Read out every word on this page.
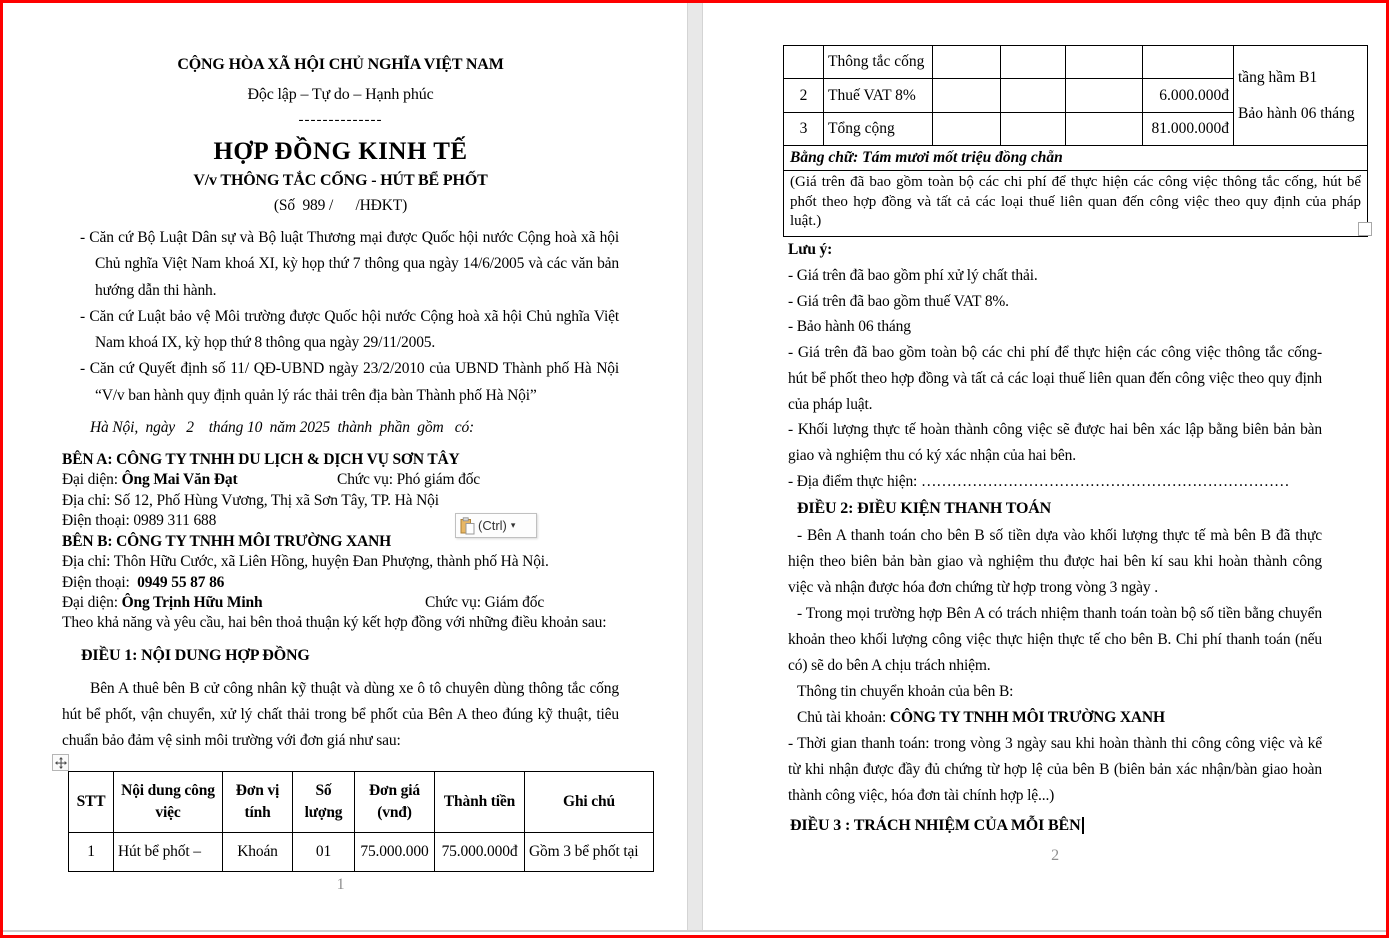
CỘNG HÒA XÃ HỘI CHỦ NGHĨA VIỆT NAM

Độc lập – Tự do – Hạnh phúc

--------------

HỢP ĐỒNG KINH TẾ

V/v THÔNG TẮC CỐNG - HÚT BỂ PHỐT

(Số  989 /      /HĐKT)

- Căn cứ Bộ Luật Dân sự và Bộ luật Thương mại được Quốc hội nước Cộng hoà xã hội Chủ nghĩa Việt Nam khoá XI, kỳ họp thứ 7 thông qua ngày 14/6/2005 và các văn bản hướng dẫn thi hành.

- Căn cứ Luật bảo vệ Môi trường được Quốc hội nước Cộng hoà xã hội Chủ nghĩa Việt Nam khoá IX, kỳ họp thứ 8 thông qua ngày 29/11/2005.

- Căn cứ Quyết định số 11/ QĐ-UBND ngày 23/2/2010 của UBND Thành phố Hà Nội “V/v ban hành quy định quản lý rác thải trên địa bàn Thành phố Hà Nội”

Hà Nội,  ngày   2    tháng 10  năm 2025  thành  phần  gồm   có:

BÊN A: CÔNG TY TNHH DU LỊCH & DỊCH VỤ SƠN TÂY

Đại diện: Ông Mai Văn Đạt	Chức vụ: Phó giám đốc

Địa chỉ: Số 12, Phố Hùng Vương, Thị xã Sơn Tây, TP. Hà Nội

Điện thoại: 0989 311 688

BÊN B: CÔNG TY TNHH MÔI TRƯỜNG XANH

Địa chỉ: Thôn Hữu Cước, xã Liên Hồng, huyện Đan Phượng, thành phố Hà Nội.

Điện thoại:  0949 55 87 86

Đại diện: Ông Trịnh Hữu Minh	Chức vụ: Giám đốc

Theo khả năng và yêu cầu, hai bên thoả thuận ký kết hợp đồng với những điều khoản sau:

ĐIỀU 1: NỘI DUNG HỢP ĐỒNG

Bên A thuê bên B cử công nhân kỹ thuật và dùng xe ô tô chuyên dùng thông tắc cống hút bể phốt, vận chuyển, xử lý chất thải trong bể phốt của Bên A theo đúng kỹ thuật, tiêu chuẩn bảo đảm vệ sinh môi trường với đơn giá như sau:

STT	Nội dung công việc	Đơn vị tính	Số lượng	Đơn giá (vnđ)	Thành tiền	Ghi chú
1	Hút bể phốt –	Khoán	01	75.000.000	75.000.000đ	Gồm 3 bể phốt tại

1

(Ctrl) ▾
	Thông tắc cống					tầng hầm B1
Bảo hành 06 tháng

2	Thuế VAT 8%				6.000.000đ	
3	Tổng cộng				81.000.000đ	
Bằng chữ: Tám mươi mốt triệu đồng chẵn						
(Giá trên đã bao gồm toàn bộ các chi phí để thực hiện các công việc thông tắc cống, hút bể phốt theo hợp đồng và tất cả các loại thuế liên quan đến công việc theo quy định của pháp luật.)						

Lưu ý:

- Giá trên đã bao gồm phí xử lý chất thải.

- Giá trên đã bao gồm thuế VAT 8%.

- Bảo hành 06 tháng

- Giá trên đã bao gồm toàn bộ các chi phí để thực hiện các công việc thông tắc cống- hút bể phốt theo hợp đồng và tất cả các loại thuế liên quan đến công việc theo quy định của pháp luật.

- Khối lượng thực tế hoàn thành công việc sẽ được hai bên xác lập bằng biên bản bàn giao và nghiệm thu có ký xác nhận của hai bên.

- Địa điểm thực hiện: ………………………………………………………………

ĐIỀU 2: ĐIỀU KIỆN THANH TOÁN

- Bên A thanh toán cho bên B số tiền dựa vào khối lượng thực tế mà bên B đã thực hiện theo biên bản bàn giao và nghiệm thu được hai bên kí sau khi hoàn thành công việc và nhận được hóa đơn chứng từ hợp trong vòng 3 ngày .

- Trong mọi trường hợp Bên A có trách nhiệm thanh toán toàn bộ số tiền bằng chuyển khoản theo khối lượng công việc thực hiện thực tế cho bên B. Chi phí thanh toán (nếu có) sẽ do bên A chịu trách nhiệm.

Thông tin chuyển khoản của bên B:

Chủ tài khoản: CÔNG TY TNHH MÔI TRƯỜNG XANH

- Thời gian thanh toán: trong vòng 3 ngày sau khi hoàn thành thi công công việc và kể từ khi nhận được đầy đủ chứng từ hợp lệ của bên B (biên bản xác nhận/bàn giao hoàn thành công việc, hóa đơn tài chính hợp lệ...)

ĐIỀU 3 : TRÁCH NHIỆM CỦA MỖI BÊN

2
